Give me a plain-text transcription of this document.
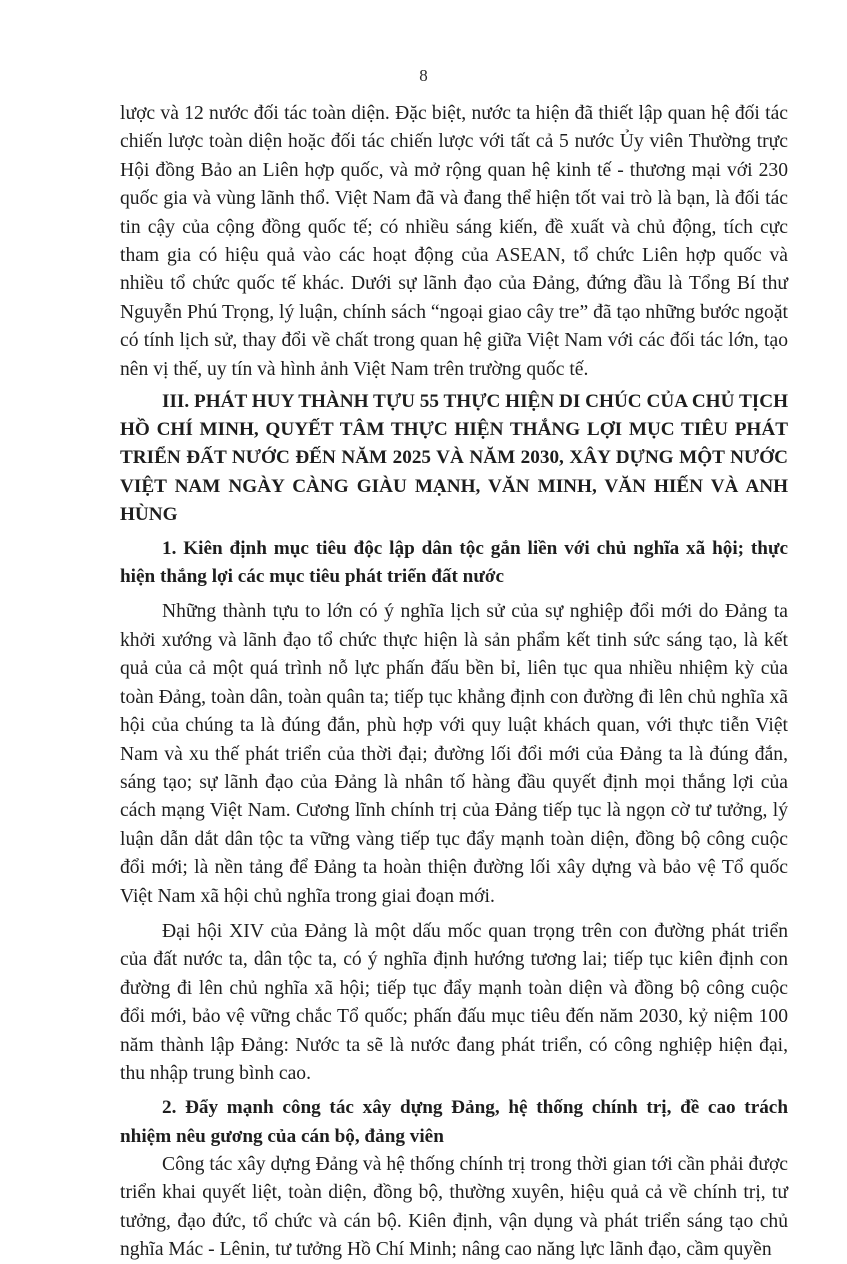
8

lược và 12 nước đối tác toàn diện. Đặc biệt, nước ta hiện đã thiết lập quan hệ đối tác chiến lược toàn diện hoặc đối tác chiến lược với tất cả 5 nước Ủy viên Thường trực Hội đồng Bảo an Liên hợp quốc, và mở rộng quan hệ kinh tế - thương mại với 230 quốc gia và vùng lãnh thổ. Việt Nam đã và đang thể hiện tốt vai trò là bạn, là đối tác tin cậy của cộng đồng quốc tế; có nhiều sáng kiến, đề xuất và chủ động, tích cực tham gia có hiệu quả vào các hoạt động của ASEAN, tổ chức Liên hợp quốc và nhiều tổ chức quốc tế khác. Dưới sự lãnh đạo của Đảng, đứng đầu là Tổng Bí thư Nguyễn Phú Trọng, lý luận, chính sách “ngoại giao cây tre” đã tạo những bước ngoặt có tính lịch sử, thay đổi về chất trong quan hệ giữa Việt Nam với các đối tác lớn, tạo nên vị thế, uy tín và hình ảnh Việt Nam trên trường quốc tế.

III. PHÁT HUY THÀNH TỰU 55 THỰC HIỆN DI CHÚC CỦA CHỦ TỊCH HỒ CHÍ MINH, QUYẾT TÂM THỰC HIỆN THẮNG LỢI MỤC TIÊU PHÁT TRIỂN ĐẤT NƯỚC ĐẾN NĂM 2025 VÀ NĂM 2030, XÂY DỰNG MỘT NƯỚC VIỆT NAM NGÀY CÀNG GIÀU MẠNH, VĂN MINH, VĂN HIẾN VÀ ANH HÙNG

1. Kiên định mục tiêu độc lập dân tộc gắn liền với chủ nghĩa xã hội; thực hiện thắng lợi các mục tiêu phát triển đất nước

Những thành tựu to lớn có ý nghĩa lịch sử của sự nghiệp đổi mới do Đảng ta khởi xướng và lãnh đạo tổ chức thực hiện là sản phẩm kết tinh sức sáng tạo, là kết quả của cả một quá trình nỗ lực phấn đấu bền bỉ, liên tục qua nhiều nhiệm kỳ của toàn Đảng, toàn dân, toàn quân ta; tiếp tục khẳng định con đường đi lên chủ nghĩa xã hội của chúng ta là đúng đắn, phù hợp với quy luật khách quan, với thực tiễn Việt Nam và xu thế phát triển của thời đại; đường lối đổi mới của Đảng ta là đúng đắn, sáng tạo; sự lãnh đạo của Đảng là nhân tố hàng đầu quyết định mọi thắng lợi của cách mạng Việt Nam. Cương lĩnh chính trị của Đảng tiếp tục là ngọn cờ tư tưởng, lý luận dẫn dắt dân tộc ta vững vàng tiếp tục đẩy mạnh toàn diện, đồng bộ công cuộc đổi mới; là nền tảng để Đảng ta hoàn thiện đường lối xây dựng và bảo vệ Tổ quốc Việt Nam xã hội chủ nghĩa trong giai đoạn mới.

Đại hội XIV của Đảng là một dấu mốc quan trọng trên con đường phát triển của đất nước ta, dân tộc ta, có ý nghĩa định hướng tương lai; tiếp tục kiên định con đường đi lên chủ nghĩa xã hội; tiếp tục đẩy mạnh toàn diện và đồng bộ công cuộc đổi mới, bảo vệ vững chắc Tổ quốc; phấn đấu mục tiêu đến năm 2030, kỷ niệm 100 năm thành lập Đảng: Nước ta sẽ là nước đang phát triển, có công nghiệp hiện đại, thu nhập trung bình cao.

2. Đẩy mạnh công tác xây dựng Đảng, hệ thống chính trị, đề cao trách nhiệm nêu gương của cán bộ, đảng viên

Công tác xây dựng Đảng và hệ thống chính trị trong thời gian tới cần phải được triển khai quyết liệt, toàn diện, đồng bộ, thường xuyên, hiệu quả cả về chính trị, tư tưởng, đạo đức, tổ chức và cán bộ. Kiên định, vận dụng và phát triển sáng tạo chủ nghĩa Mác - Lênin, tư tưởng Hồ Chí Minh; nâng cao năng lực lãnh đạo, cầm quyền
